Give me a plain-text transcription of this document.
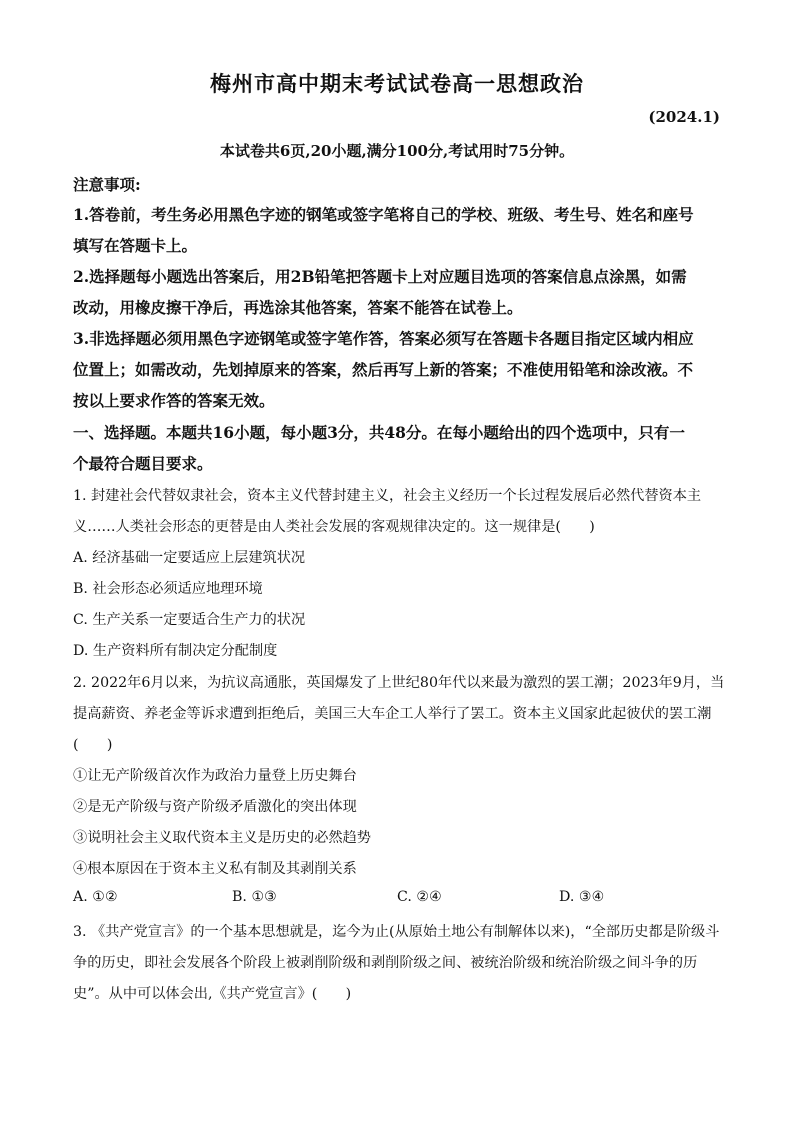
梅州市高中期末考试试卷高一思想政治
(2024.1)
本试卷共6页,20小题,满分100分,考试用时75分钟。
注意事项:
1.答卷前，考生务必用黑色字迹的钢笔或签字笔将自己的学校、班级、考生号、姓名和座号
填写在答题卡上。
2.选择题每小题选出答案后，用2B铅笔把答题卡上对应题目选项的答案信息点涂黑，如需
改动，用橡皮擦干净后，再选涂其他答案，答案不能答在试卷上。
3.非选择题必须用黑色字迹钢笔或签字笔作答，答案必须写在答题卡各题目指定区域内相应
位置上；如需改动，先划掉原来的答案，然后再写上新的答案；不准使用铅笔和涂改液。不
按以上要求作答的答案无效。
一、选择题。本题共16小题，每小题3分，共48分。在每小题给出的四个选项中，只有一
个最符合题目要求。
1. 封建社会代替奴隶社会，资本主义代替封建主义，社会主义经历一个长过程发展后必然代替资本主
义……人类社会形态的更替是由人类社会发展的客观规律决定的。这一规律是(　　)
A. 经济基础一定要适应上层建筑状况
B. 社会形态必须适应地理环境
C. 生产关系一定要适合生产力的状况
D. 生产资料所有制决定分配制度
2. 2022年6月以来，为抗议高通胀，英国爆发了上世纪80年代以来最为激烈的罢工潮；2023年9月，当
提高薪资、养老金等诉求遭到拒绝后，美国三大车企工人举行了罢工。资本主义国家此起彼伏的罢工潮
(　　)
①让无产阶级首次作为政治力量登上历史舞台
②是无产阶级与资产阶级矛盾激化的突出体现
③说明社会主义取代资本主义是历史的必然趋势
④根本原因在于资本主义私有制及其剥削关系
A. ①②	B. ①③	C. ②④	D. ③④
3. 《共产党宣言》的一个基本思想就是，迄今为止(从原始土地公有制解体以来)，“全部历史都是阶级斗
争的历史，即社会发展各个阶段上被剥削阶级和剥削阶级之间、被统治阶级和统治阶级之间斗争的历
史”。从中可以体会出,《共产党宣言》(　　)
